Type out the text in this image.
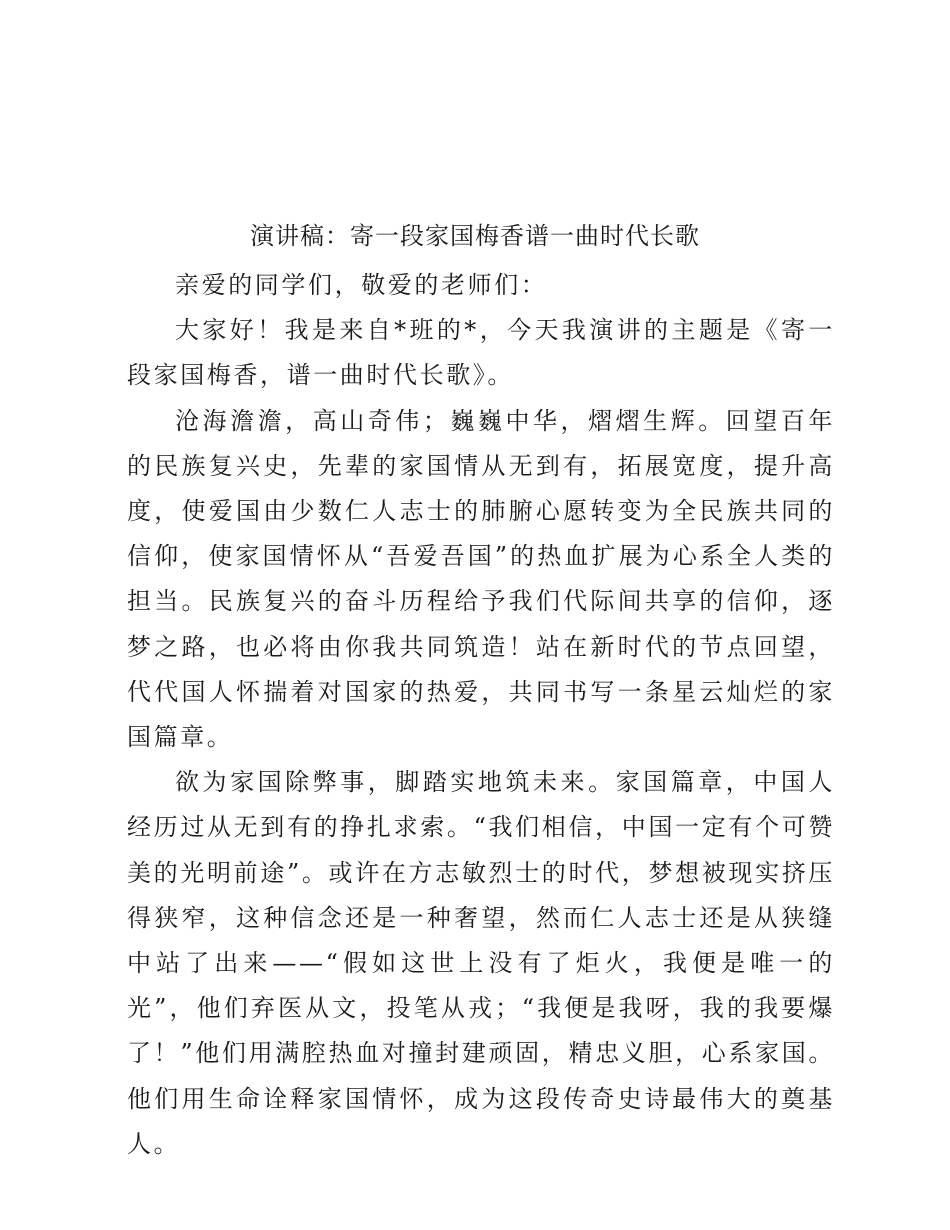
演讲稿：寄一段家国梅香谱一曲时代长歌

亲爱的同学们，敬爱的老师们：

大家好！我是来自*班的*，今天我演讲的主题是《寄一段家国梅香，谱一曲时代长歌》。

沧海澹澹，高山奇伟；巍巍中华，熠熠生辉。回望百年的民族复兴史，先辈的家国情从无到有，拓展宽度，提升高度，使爱国由少数仁人志士的肺腑心愿转变为全民族共同的信仰，使家国情怀从“吾爱吾国”的热血扩展为心系全人类的担当。民族复兴的奋斗历程给予我们代际间共享的信仰，逐梦之路，也必将由你我共同筑造！站在新时代的节点回望，代代国人怀揣着对国家的热爱，共同书写一条星云灿烂的家国篇章。

欲为家国除弊事，脚踏实地筑未来。家国篇章，中国人经历过从无到有的挣扎求索。“我们相信，中国一定有个可赞美的光明前途”。或许在方志敏烈士的时代，梦想被现实挤压得狭窄，这种信念还是一种奢望，然而仁人志士还是从狭缝中站了出来——“假如这世上没有了炬火，我便是唯一的光”，他们弃医从文，投笔从戎；“我便是我呀，我的我要爆了！”他们用满腔热血对撞封建顽固，精忠义胆，心系家国。他们用生命诠释家国情怀，成为这段传奇史诗最伟大的奠基人。
